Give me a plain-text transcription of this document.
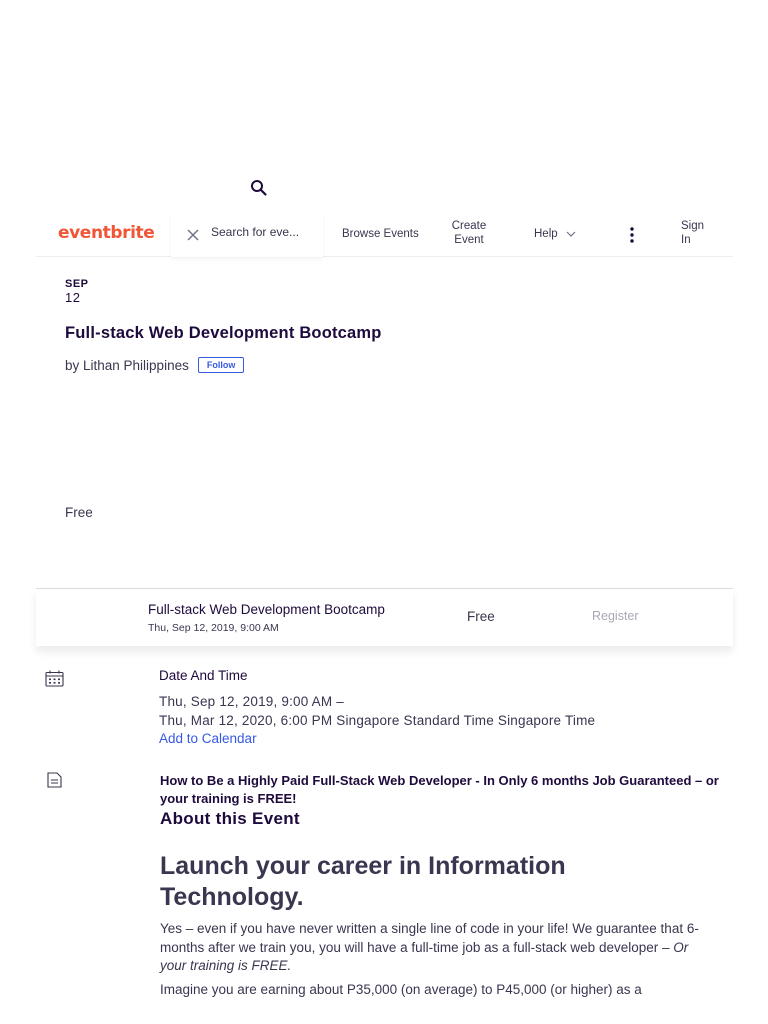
eventbrite
Search for eve...	Browse Events
Create
Event	Help
Sign
In
SEP
12
Full-stack Web Development Bootcamp
by Lithan Philippines	Follow
Free
Full-stack Web Development Bootcamp
Thu, Sep 12, 2019, 9:00 AM
Free	Register
Date And Time
Thu, Sep 12, 2019, 9:00 AM –
Thu, Mar 12, 2020, 6:00 PM Singapore Standard Time Singapore Time
Add to Calendar
How to Be a Highly Paid Full-Stack Web Developer - In Only 6 months Job Guaranteed – or your training is FREE!
About this Event
Launch your career in Information Technology.

Yes – even if you have never written a single line of code in your life! We guarantee that 6-months after we train you, you will have a full-time job as a full-stack web developer – Or your training is FREE.

Imagine you are earning about P35,000 (on average) to P45,000 (or higher) as a
